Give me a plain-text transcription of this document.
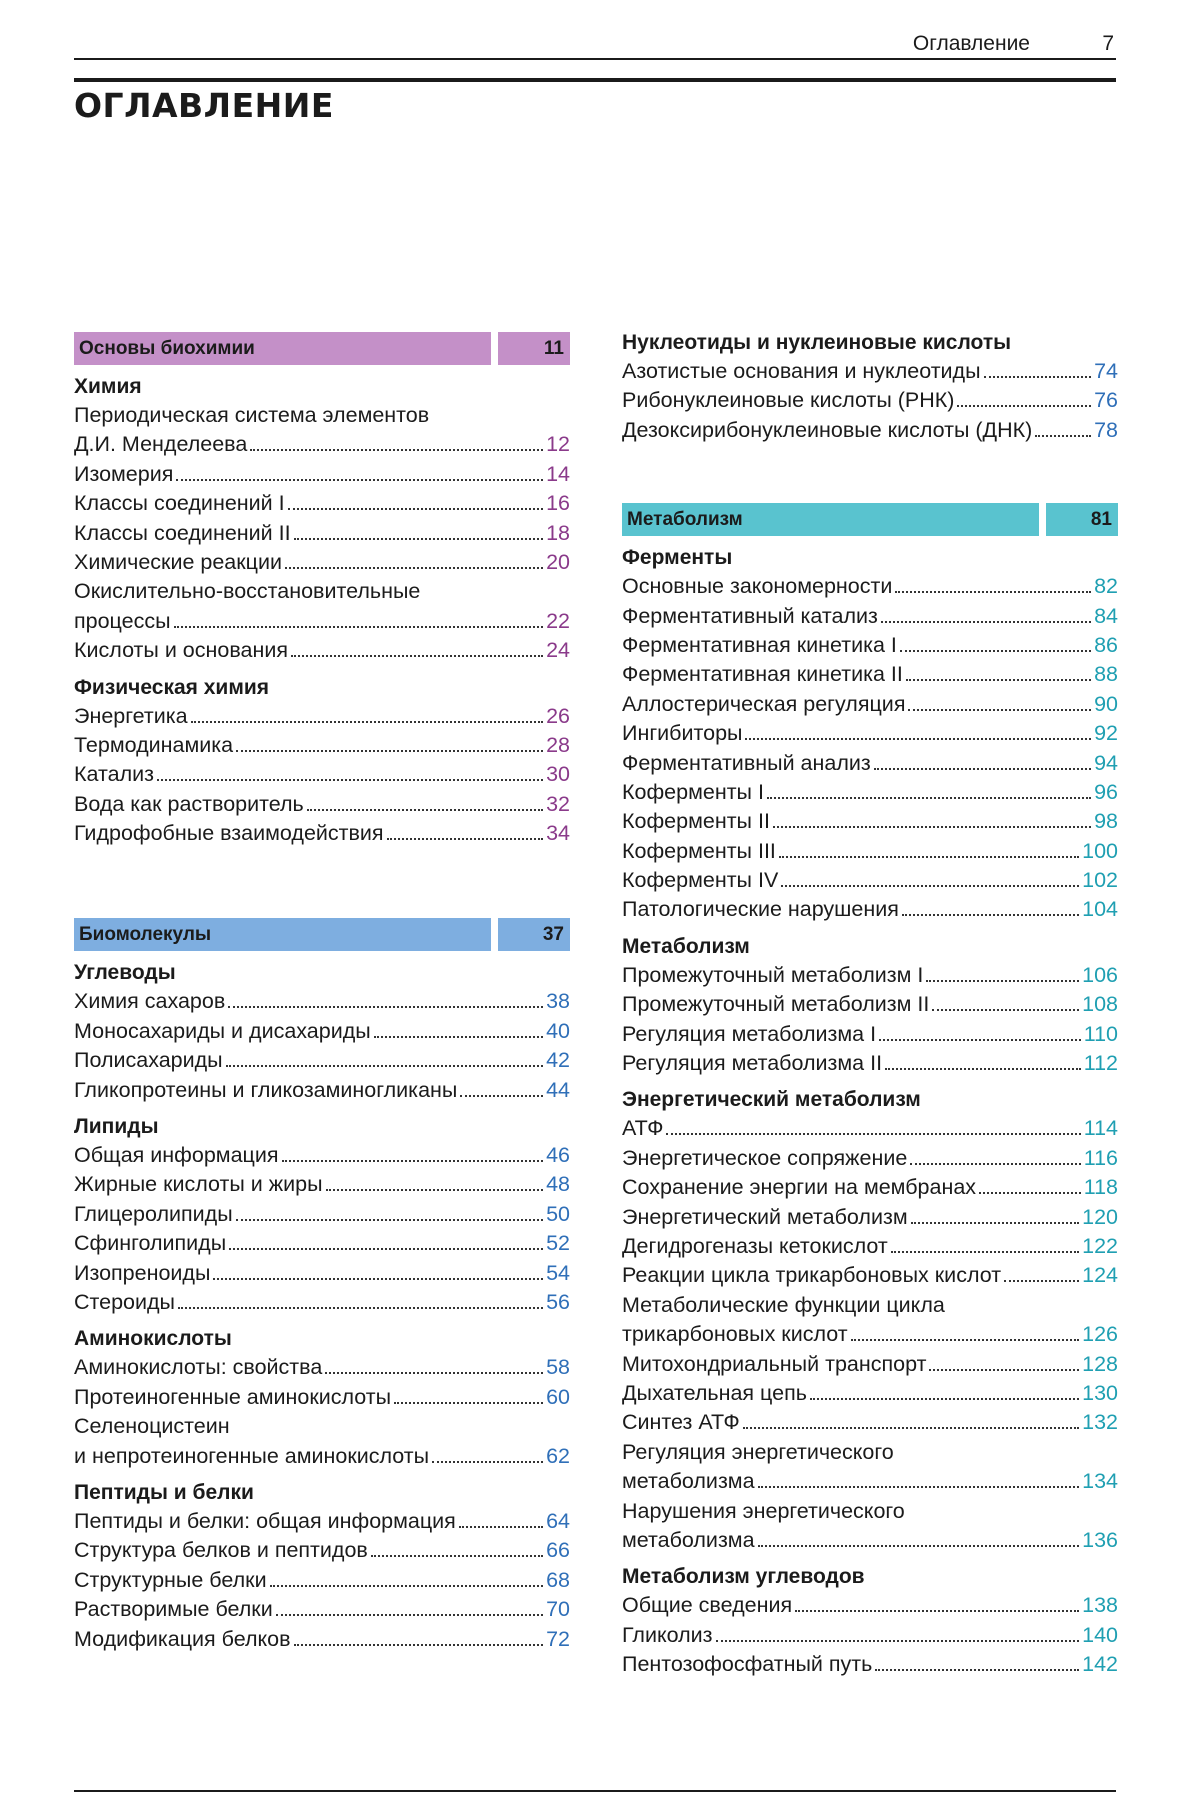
Оглавление	7
ОГЛАВЛЕНИЕ
Основы биохимии	11
Химия
Периодическая система элементов
Д.И. Менделеева	12
Изомерия	14
Классы соединений I	16
Классы соединений II	18
Химические реакции	20
Окислительно-восстановительные
процессы	22
Кислоты и основания	24
Физическая химия
Энергетика	26
Термодинамика	28
Катализ	30
Вода как растворитель	32
Гидрофобные взаимодействия	34
Биомолекулы	37
Углеводы
Химия сахаров	38
Моносахариды и дисахариды	40
Полисахариды	42
Гликопротеины и гликозаминогликаны	44
Липиды
Общая информация	46
Жирные кислоты и жиры	48
Глицеролипиды	50
Сфинголипиды	52
Изопреноиды	54
Стероиды	56
Аминокислоты
Аминокислоты: свойства	58
Протеиногенные аминокислоты	60
Селеноцистеин
и непротеиногенные аминокислоты	62
Пептиды и белки
Пептиды и белки: общая информация	64
Структура белков и пептидов	66
Структурные белки	68
Растворимые белки	70
Модификация белков	72
Нуклеотиды и нуклеиновые кислоты
Азотистые основания и нуклеотиды	74
Рибонуклеиновые кислоты (РНК)	76
Дезоксирибонуклеиновые кислоты (ДНК)	78
Метаболизм	81
Ферменты
Основные закономерности	82
Ферментативный катализ	84
Ферментативная кинетика I	86
Ферментативная кинетика II	88
Аллостерическая регуляция	90
Ингибиторы	92
Ферментативный анализ	94
Коферменты I	96
Коферменты II	98
Коферменты III	100
Коферменты IV	102
Патологические нарушения	104
Метаболизм
Промежуточный метаболизм I	106
Промежуточный метаболизм II	108
Регуляция метаболизма I	110
Регуляция метаболизма II	112
Энергетический метаболизм
АТФ	114
Энергетическое сопряжение	116
Сохранение энергии на мембранах	118
Энергетический метаболизм	120
Дегидрогеназы кетокислот	122
Реакции цикла трикарбоновых кислот	124
Метаболические функции цикла
трикарбоновых кислот	126
Митохондриальный транспорт	128
Дыхательная цепь	130
Синтез АТФ	132
Регуляция энергетического
метаболизма	134
Нарушения энергетического
метаболизма	136
Метаболизм углеводов
Общие сведения	138
Гликолиз	140
Пентозофосфатный путь	142
